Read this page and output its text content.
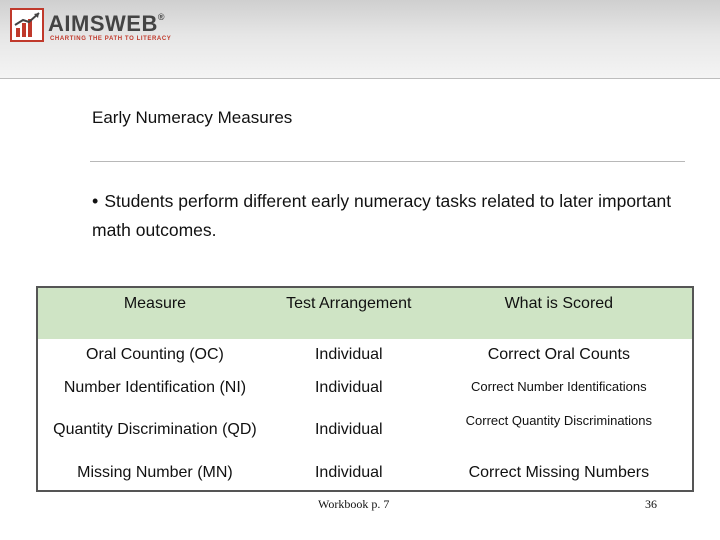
AIMSWEB®
CHARTING THE PATH TO LITERACY
Early Numeracy Measures
• Students perform different early numeracy tasks related to later important math outcomes.
Measure	Test Arrangement	What is Scored
Oral Counting (OC)	Individual	Correct Oral Counts
Number Identification (NI)	Individual	Correct Number Identifications
Quantity Discrimination (QD)	Individual	Correct Quantity Discriminations
Missing Number (MN)	Individual	Correct Missing Numbers
Workbook p. 7	36
